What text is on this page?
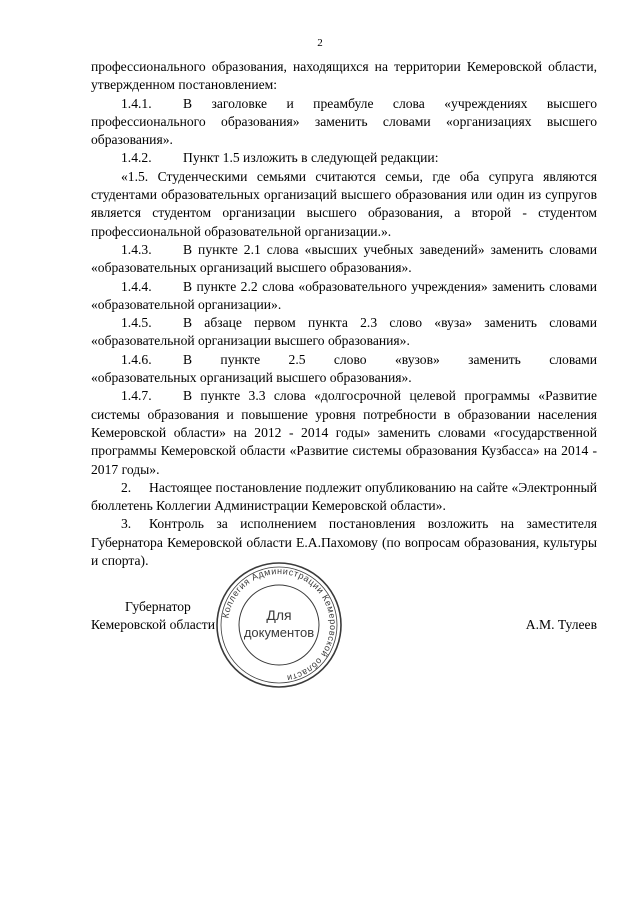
2

профессионального образования, находящихся на территории Кемеровской области, утвержденном постановлением:

1.4.1. В заголовке и преамбуле слова «учреждениях высшего профессионального образования» заменить словами «организациях высшего образования».

1.4.2. Пункт 1.5 изложить в следующей редакции:

«1.5. Студенческими семьями считаются семьи, где оба супруга являются студентами образовательных организаций высшего образования или один из супругов является студентом организации высшего образования, а второй - студентом профессиональной образовательной организации.».

1.4.3. В пункте 2.1 слова «высших учебных заведений» заменить словами «образовательных организаций высшего образования».

1.4.4. В пункте 2.2 слова «образовательного учреждения» заменить словами «образовательной организации».

1.4.5. В абзаце первом пункта 2.3 слово «вуза» заменить словами «образовательной организации высшего образования».

1.4.6. В пункте 2.5 слово «вузов» заменить словами

«образовательных организаций высшего образования».

1.4.7. В пункте 3.3 слова «долгосрочной целевой программы «Развитие системы образования и повышение уровня потребности в образовании населения Кемеровской области» на 2012 - 2014 годы» заменить словами «государственной программы Кемеровской области «Развитие системы образования Кузбасса» на 2014 - 2017 годы».

2. Настоящее постановление подлежит опубликованию на сайте «Электронный бюллетень Коллегии Администрации Кемеровской области».

3. Контроль за исполнением постановления возложить на заместителя Губернатора Кемеровской области Е.А.Пахомову (по вопросам образования, культуры и спорта).

Губернатор
Кемеровской области	А.М. Тулеев
Коллегия Администрации Кемеровской области
Для
документов
